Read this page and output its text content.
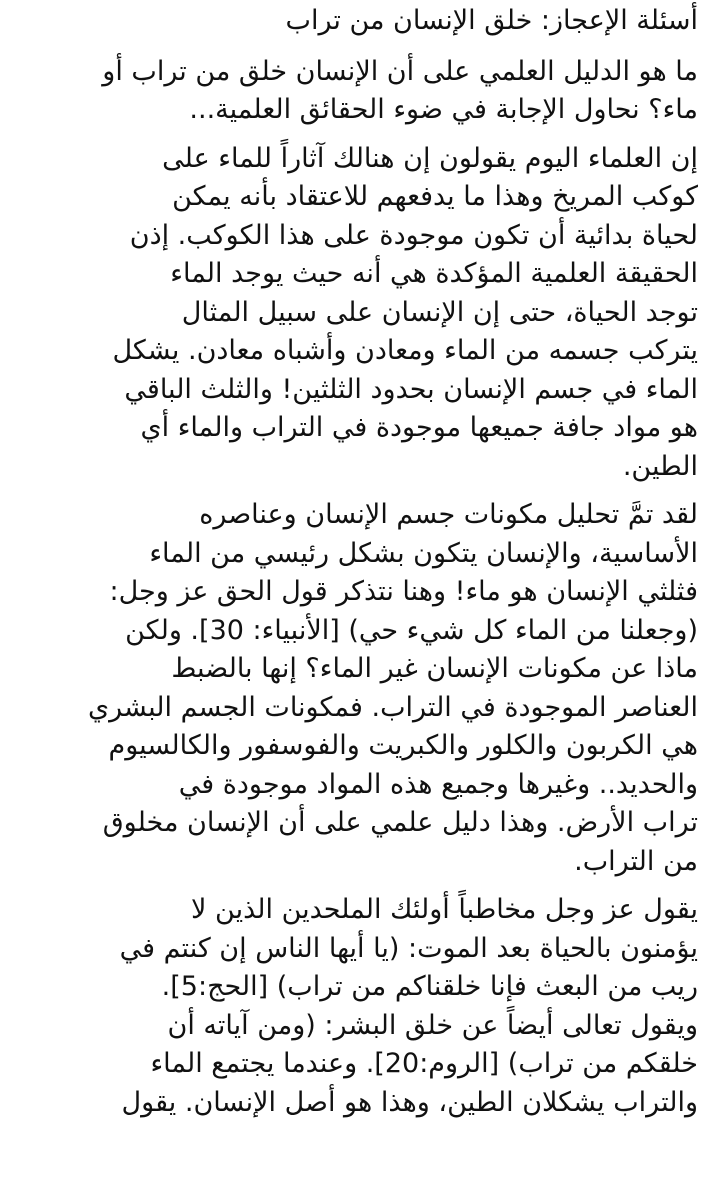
أسئلة الإعجاز: خلق الإنسان من تراب
ما هو الدليل العلمي على أن الإنسان خلق من تراب أو
ماء؟ نحاول الإجابة في ضوء الحقائق العلمية...
إن العلماء اليوم يقولون إن هنالك آثاراً للماء على
كوكب المريخ وهذا ما يدفعهم للاعتقاد بأنه يمكن
لحياة بدائية أن تكون موجودة على هذا الكوكب. إذن
الحقيقة العلمية المؤكدة هي أنه حيث يوجد الماء
توجد الحياة، حتى إن الإنسان على سبيل المثال
يتركب جسمه من الماء ومعادن وأشباه معادن. يشكل
الماء في جسم الإنسان بحدود الثلثين! والثلث الباقي
هو مواد جافة جميعها موجودة في التراب والماء أي
الطين.
لقد تمَّ تحليل مكونات جسم الإنسان وعناصره
الأساسية، والإنسان يتكون بشكل رئيسي من الماء
فثلثي الإنسان هو ماء! وهنا نتذكر قول الحق عز وجل:
(وجعلنا من الماء كل شيء حي) [الأنبياء: 30]. ولكن
ماذا عن مكونات الإنسان غير الماء؟ إنها بالضبط
العناصر الموجودة في التراب. فمكونات الجسم البشري
هي الكربون والكلور والكبريت والفوسفور والكالسيوم
والحديد.. وغيرها وجميع هذه المواد موجودة في
تراب الأرض. وهذا دليل علمي على أن الإنسان مخلوق
من التراب.
يقول عز وجل مخاطباً أولئك الملحدين الذين لا
يؤمنون بالحياة بعد الموت: (يا أيها الناس إن كنتم في
ريب من البعث فإنا خلقناكم من تراب) [الحج:5].
ويقول تعالى أيضاً عن خلق البشر: (ومن آياته أن
خلقكم من تراب) [الروم:20]. وعندما يجتمع الماء
والتراب يشكلان الطين، وهذا هو أصل الإنسان. يقول
